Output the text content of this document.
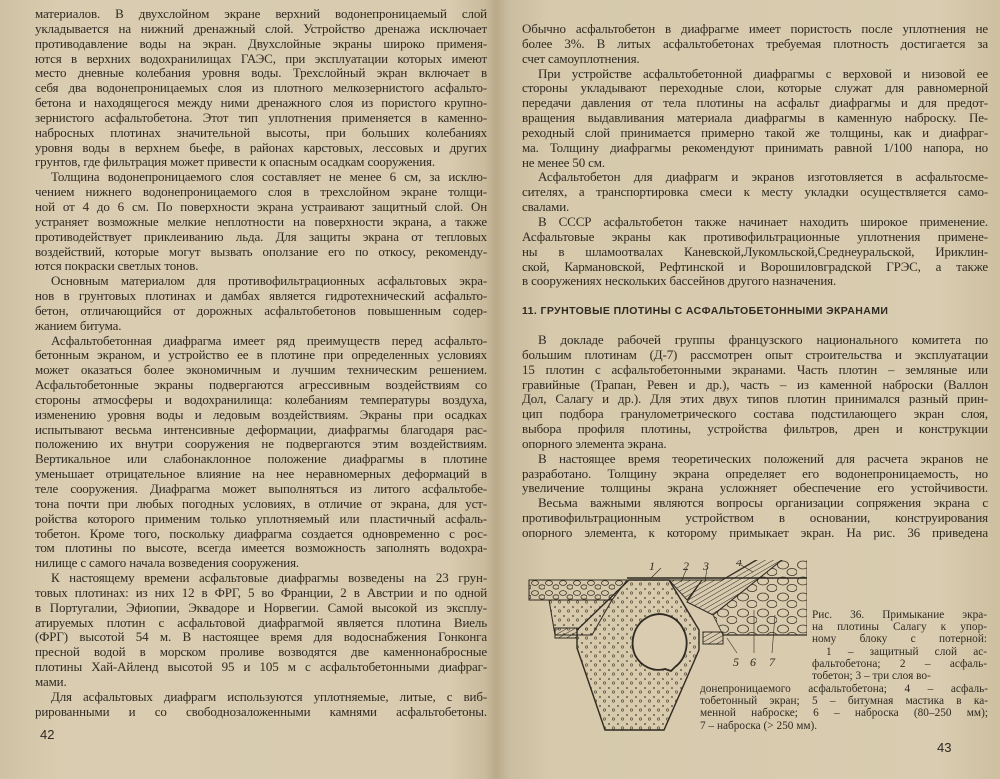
материалов. В двухслойном экране верхний водонепроницаемый слой
укладывается на нижний дренажный слой. Устройство дренажа исключает
противодавление воды на экран. Двухслойные экраны широко применя-
ются в верхних водохранилищах ГАЭС, при эксплуатации которых имеют
место дневные колебания уровня воды. Трехслойный экран включает в
себя два водонепроницаемых слоя из плотного мелкозернистого асфальто-
бетона и находящегося между ними дренажного слоя из пористого крупно-
зернистого асфальтобетона. Этот тип уплотнения применяется в каменно-
набросных плотинах значительной высоты, при больших колебаниях
уровня воды в верхнем бьефе, в районах карстовых, лессовых и других
грунтов, где фильтрация может привести к опасным осадкам сооружения.
Толщина водонепроницаемого слоя составляет не менее 6 см, за исклю-
чением нижнего водонепроницаемого слоя в трехслойном экране толщи-
ной от 4 до 6 см. По поверхности экрана устраивают защитный слой. Он
устраняет возможные мелкие неплотности на поверхности экрана, а также
противодействует приклеиванию льда. Для защиты экрана от тепловых
воздействий, которые могут вызвать оползание его по откосу, рекоменду-
ются покраски светлых тонов.
Основным материалом для противофильтрационных асфальтовых экра-
нов в грунтовых плотинах и дамбах является гидротехнический асфальто-
бетон, отличающийся от дорожных асфальтобетонов повышенным содер-
жанием битума.
Асфальтобетонная диафрагма имеет ряд преимуществ перед асфальто-
бетонным экраном, и устройство ее в плотине при определенных условиях
может оказаться более экономичным и лучшим техническим решением.
Асфальтобетонные экраны подвергаются агрессивным воздействиям со
стороны атмосферы и водохранилища: колебаниям температуры воздуха,
изменению уровня воды и ледовым воздействиям. Экраны при осадках
испытывают весьма интенсивные деформации, диафрагмы благодаря рас-
положению их внутри сооружения не подвергаются этим воздействиям.
Вертикальное или слабонаклонное положение диафрагмы в плотине
уменьшает отрицательное влияние на нее неравномерных деформаций в
теле сооружения. Диафрагма может выполняться из литого асфальтобе-
тона почти при любых погодных условиях, в отличие от экрана, для уст-
ройства которого применим только уплотняемый или пластичный асфаль-
тобетон. Кроме того, поскольку диафрагма создается одновременно с рос-
том плотины по высоте, всегда имеется возможность заполнять водохра-
нилище с самого начала возведения сооружения.
К настоящему времени асфальтовые диафрагмы возведены на 23 грун-
товых плотинах: из них 12 в ФРГ, 5 во Франции, 2 в Австрии и по одной
в Португалии, Эфиопии, Эквадоре и Норвегии. Самой высокой из эксплу-
атируемых плотин с асфальтовой диафрагмой является плотина Виель
(ФРГ) высотой 54 м. В настоящее время для водоснабжения Гонконга
пресной водой в морском проливе возводятся две каменнонабросные
плотины Хай-Айленд высотой 95 и 105 м с асфальтобетонными диафраг-
мами.
Для асфальтовых диафрагм используются уплотняемые, литые, с виб-
рированными и со свободнозаложенными камнями асфальтобетоны.
42
Обычно асфальтобетон в диафрагме имеет пористость после уплотнения не
более 3%. В литых асфальтобетонах требуемая плотность достигается за
счет самоуплотнения.
При устройстве асфальтобетонной диафрагмы с верховой и низовой ее
стороны укладывают переходные слои, которые служат для равномерной
передачи давления от тела плотины на асфальт диафрагмы и для предот-
вращения выдавливания материала диафрагмы в каменную наброску. Пе-
реходный слой принимается примерно такой же толщины, как и диафраг-
ма. Толщину диафрагмы рекомендуют принимать равной 1/100 напора, но
не менее 50 см.
Асфальтобетон для диафрагм и экранов изготовляется в асфальтосме-
сителях, а транспортировка смеси к месту укладки осуществляется само-
свалами.
В СССР асфальтобетон также начинает находить широкое применение.
Асфальтовые экраны как противофильтрационные уплотнения примене-
ны в шламоотвалах Каневской,Лукомльской,Среднеуральской, Ириклин-
ской, Кармановской, Рефтинской и Ворошиловградской ГРЭС, а также
в сооружениях нескольких бассейнов другого назначения.
11. ГРУНТОВЫЕ ПЛОТИНЫ С АСФАЛЬТОБЕТОННЫМИ ЭКРАНАМИ
В докладе рабочей группы французского национального комитета по
большим плотинам (Д-7) рассмотрен опыт строительства и эксплуатации
15 плотин с асфальтобетонными экранами. Часть плотин – земляные или
гравийные (Трапан, Ревен и др.), часть – из каменной наброски (Валлон
Дол, Салагу и др.). Для этих двух типов плотин принимался разный прин-
цип подбора гранулометрического состава подстилающего экран слоя,
выбора профиля плотины, устройства фильтров, дрен и конструкции
опорного элемента экрана.
В настоящее время теоретических положений для расчета экранов не
разработано. Толщину экрана определяет его водонепроницаемость, но
увеличение толщины экрана усложняет обеспечение его устойчивости.
Весьма важными являются вопросы организации сопряжения экрана с
противофильтрационным устройством в основании, конструирования
опорного элемента, к которому примыкает экран. На рис. 36 приведена
1 2 3 4
5 6 7
Рис. 36. Примыкание экра-
на плотины Салагу к упор-
ному блоку с потерной:
1 – защитный слой ас-
фальтобетона; 2 – асфаль-
тобетон; 3 – три слоя во-
донепроницаемого асфальтобетона; 4 – асфаль-
тобетонный экран; 5 – битумная мастика в ка-
менной наброске; 6 – наброска (80–250 мм);
7 – наброска (> 250 мм).
43
